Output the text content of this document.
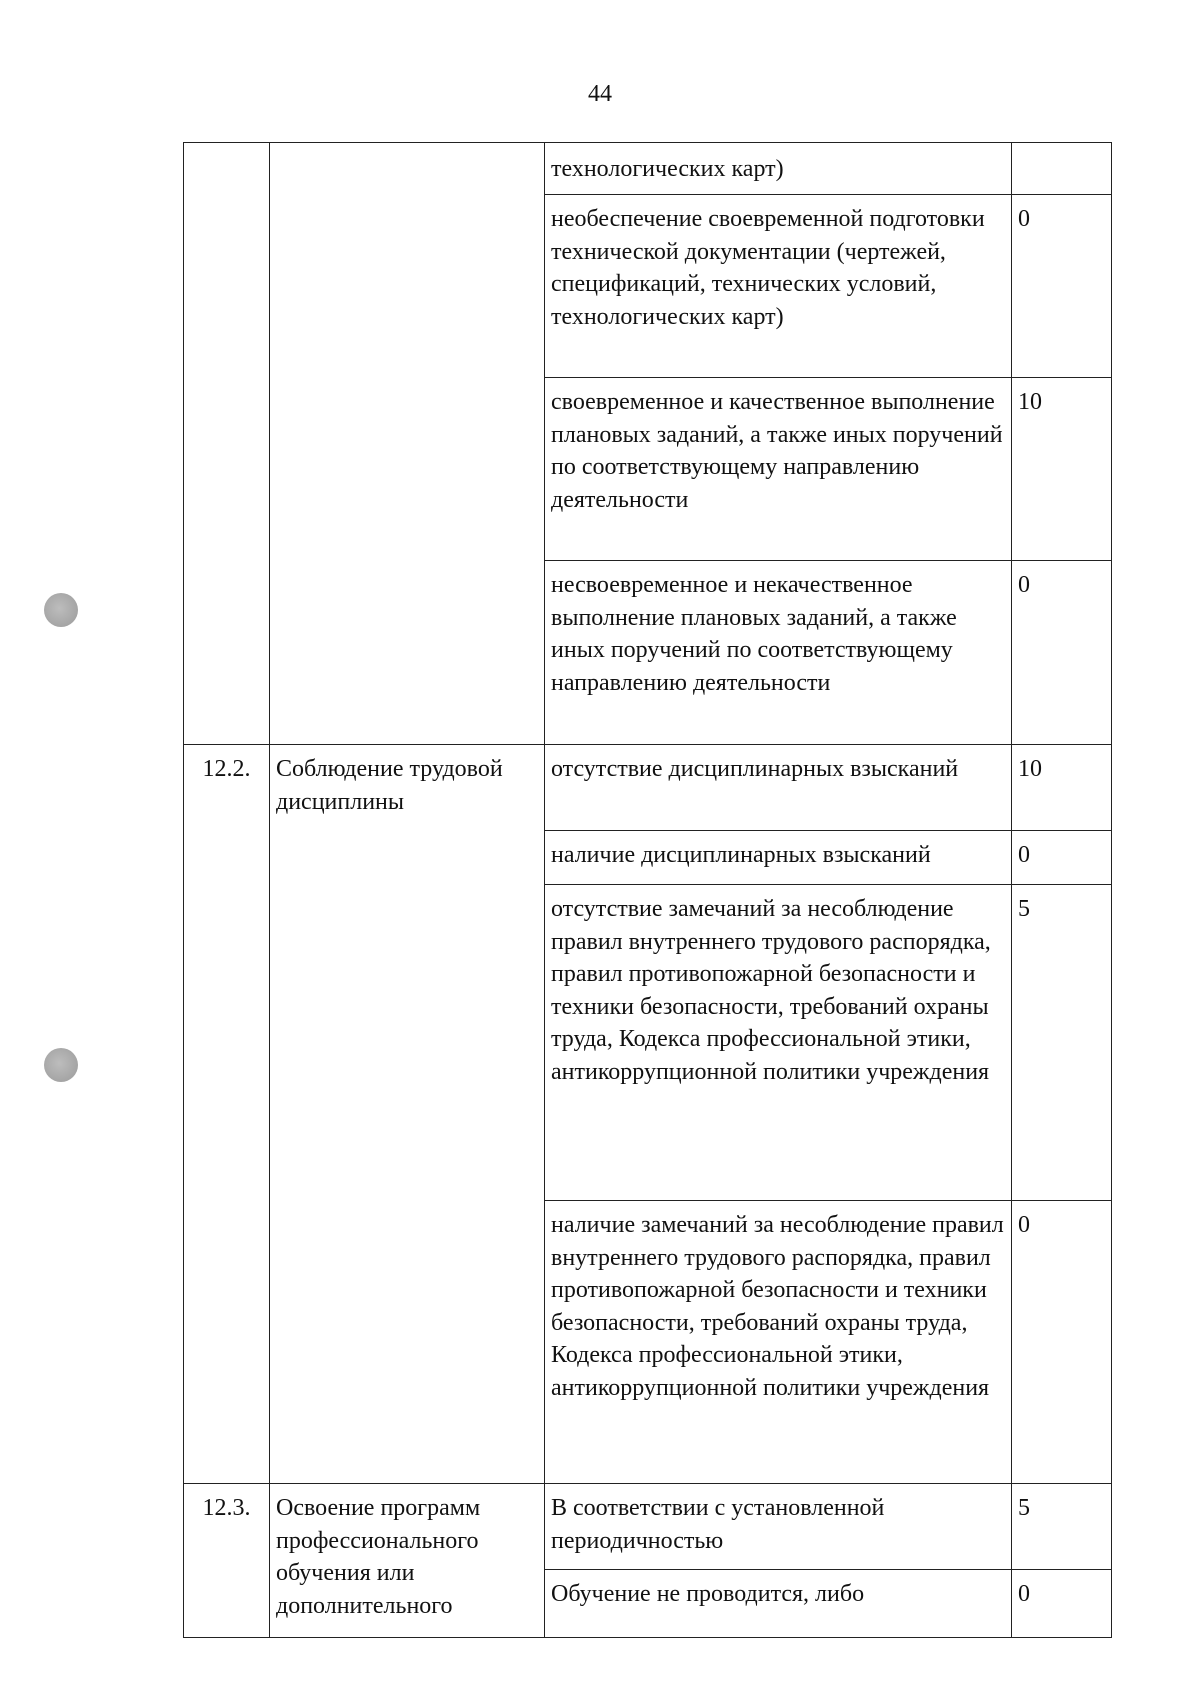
44
		технологических карт)	
		необеспечение своевременной подготовки технической документации (чертежей, спецификаций, технических условий, технологических карт)	0
		своевременное и качественное выполнение плановых заданий, а также иных поручений по соответствующему направлению деятельности	10
		несвоевременное и некачественное выполнение плановых заданий, а также иных поручений по соответствующему направлению деятельности	0
12.2.	Соблюдение трудовой дисциплины	отсутствие дисциплинарных взысканий	10
		наличие дисциплинарных взысканий	0
		отсутствие замечаний за несоблюдение правил внутреннего трудового распорядка, правил противопожарной безопасности и техники безопасности, требований охраны труда, Кодекса профессиональной этики, антикоррупционной политики учреждения	5
		наличие замечаний за несоблюдение правил внутреннего трудового распорядка, правил противопожарной безопасности и техники безопасности, требований охраны труда, Кодекса профессиональной этики, антикоррупционной политики учреждения	0
12.3.	Освоение программ профессионального обучения или дополнительного	В соответствии с установленной периодичностью	5
		Обучение не проводится, либо	0
